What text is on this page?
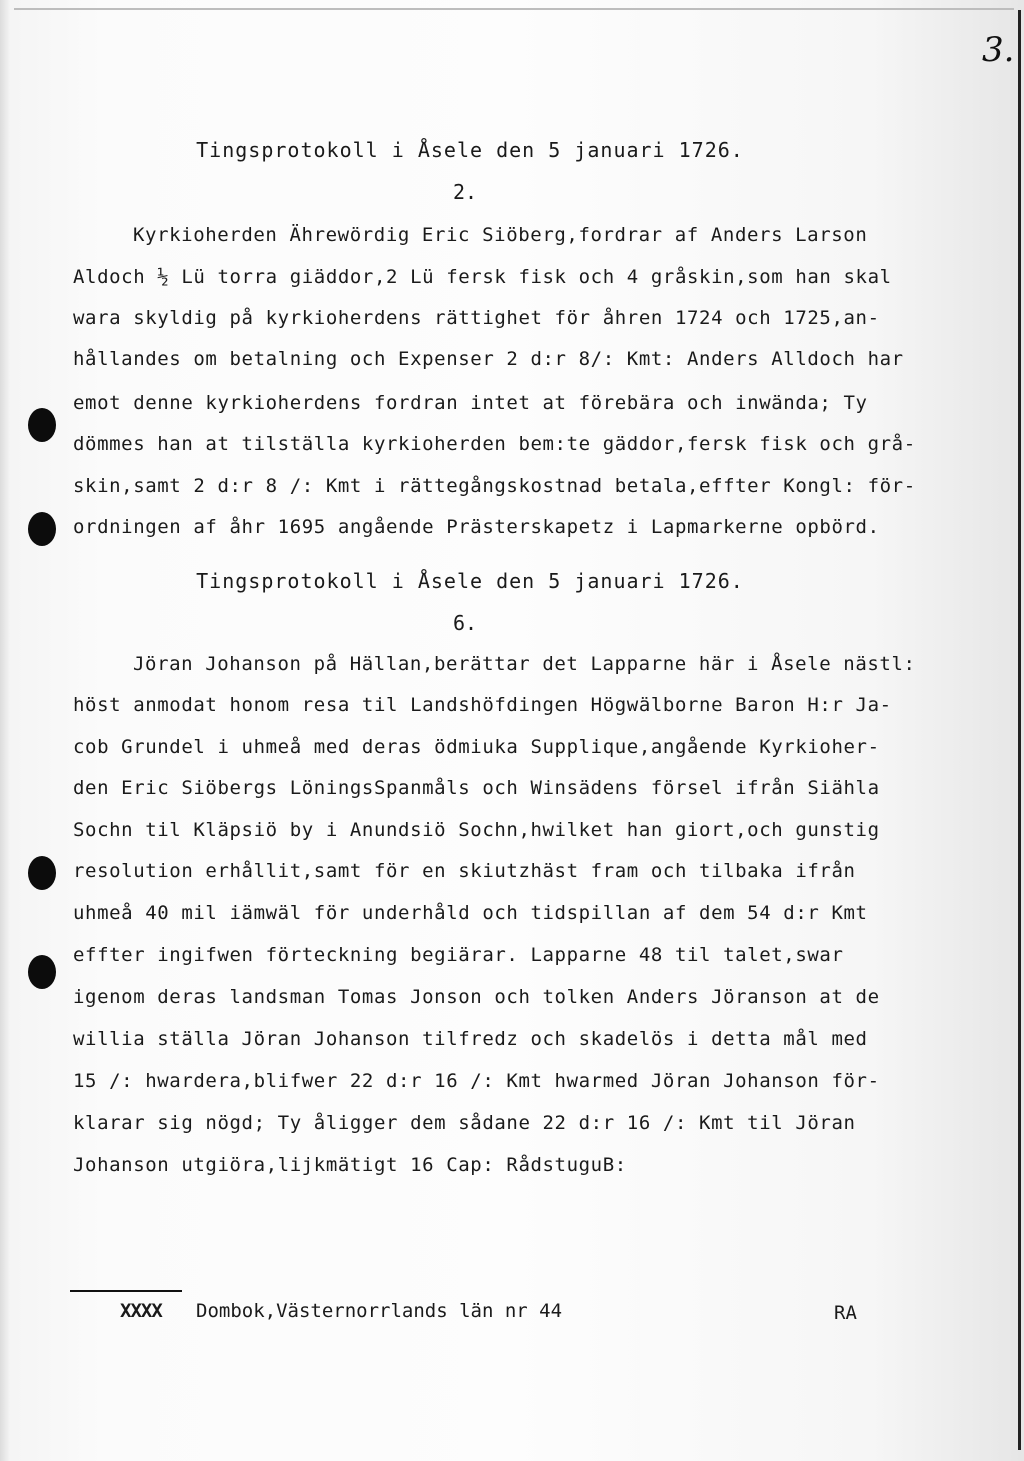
3.
Tingsprotokoll i Åsele den 5 januari 1726.
2.
Kyrkioherden Ährewördig Eric Siöberg,fordrar af Anders Larson
Aldoch ½ Lü torra giäddor,2 Lü fersk fisk och 4 gråskin,som han skal
wara skyldig på kyrkioherdens rättighet för åhren 1724 och 1725,an-
hållandes om betalning och Expenser 2 d:r 8/: Kmt: Anders Alldoch har
emot denne kyrkioherdens fordran intet at förebära och inwända; Ty
dömmes han at tilställa kyrkioherden bem:te gäddor,fersk fisk och grå-
skin,samt 2 d:r 8 /: Kmt i rättegångskostnad betala,effter Kongl: för-
ordningen af åhr 1695 angående Prästerskapetz i Lapmarkerne opbörd.
Tingsprotokoll i Åsele den 5 januari 1726.
6.
Jöran Johanson på Hällan,berättar det Lapparne här i Åsele nästl:
höst anmodat honom resa til Landshöfdingen Högwälborne Baron H:r Ja-
cob Grundel i uhmeå med deras ödmiuka Supplique,angående Kyrkioher-
den Eric Siöbergs LöningsSpanmåls och Winsädens försel ifrån Siähla
Sochn til Kläpsiö by i Anundsiö Sochn,hwilket han giort,och gunstig
resolution erhållit,samt för en skiutzhäst fram och tilbaka ifrån
uhmeå 40 mil iämwäl för underhåld och tidspillan af dem 54 d:r Kmt
effter ingifwen förteckning begiärar. Lapparne 48 til talet,swar
igenom deras landsman Tomas Jonson och tolken Anders Jöranson at de
willia ställa Jöran Johanson tilfredz och skadelös i detta mål med
15 /: hwardera,blifwer 22 d:r 16 /: Kmt hwarmed Jöran Johanson för-
klarar sig nögd; Ty åligger dem sådane 22 d:r 16 /: Kmt til Jöran
Johanson utgiöra,lijkmätigt 16 Cap: RådstuguB:
XXXX Dombok,Västernorrlands län nr 44	RA
